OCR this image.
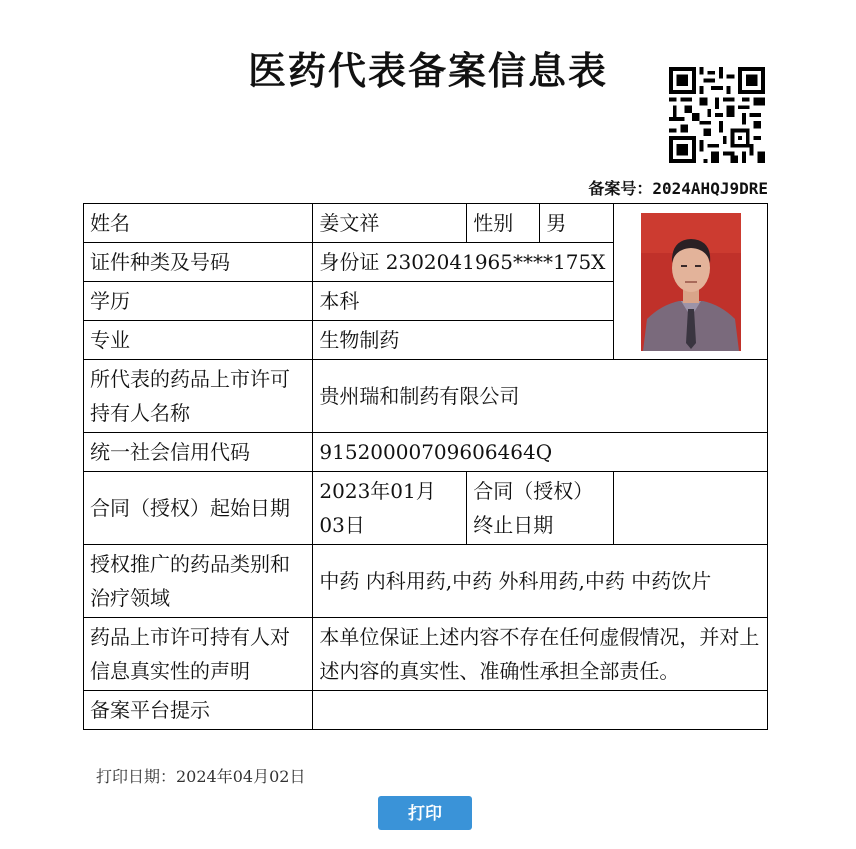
医药代表备案信息表
备案号：2024AHQJ9DRE
姓名	姜文祥	性别	男	

证件种类及号码	身份证 2302041965****175X			
学历	本科			
专业	生物制药			
所代表的药品上市许可持有人名称	贵州瑞和制药有限公司			
统一社会信用代码	91520000709606464Q			
合同（授权）起始日期	2023年01月03日	合同（授权）终止日期		
授权推广的药品类别和治疗领域	中药 内科用药,中药 外科用药,中药 中药饮片			
药品上市许可持有人对信息真实性的声明	本单位保证上述内容不存在任何虚假情况，并对上述内容的真实性、准确性承担全部责任。			
备案平台提示				
打印日期：2024年04月02日
打印
